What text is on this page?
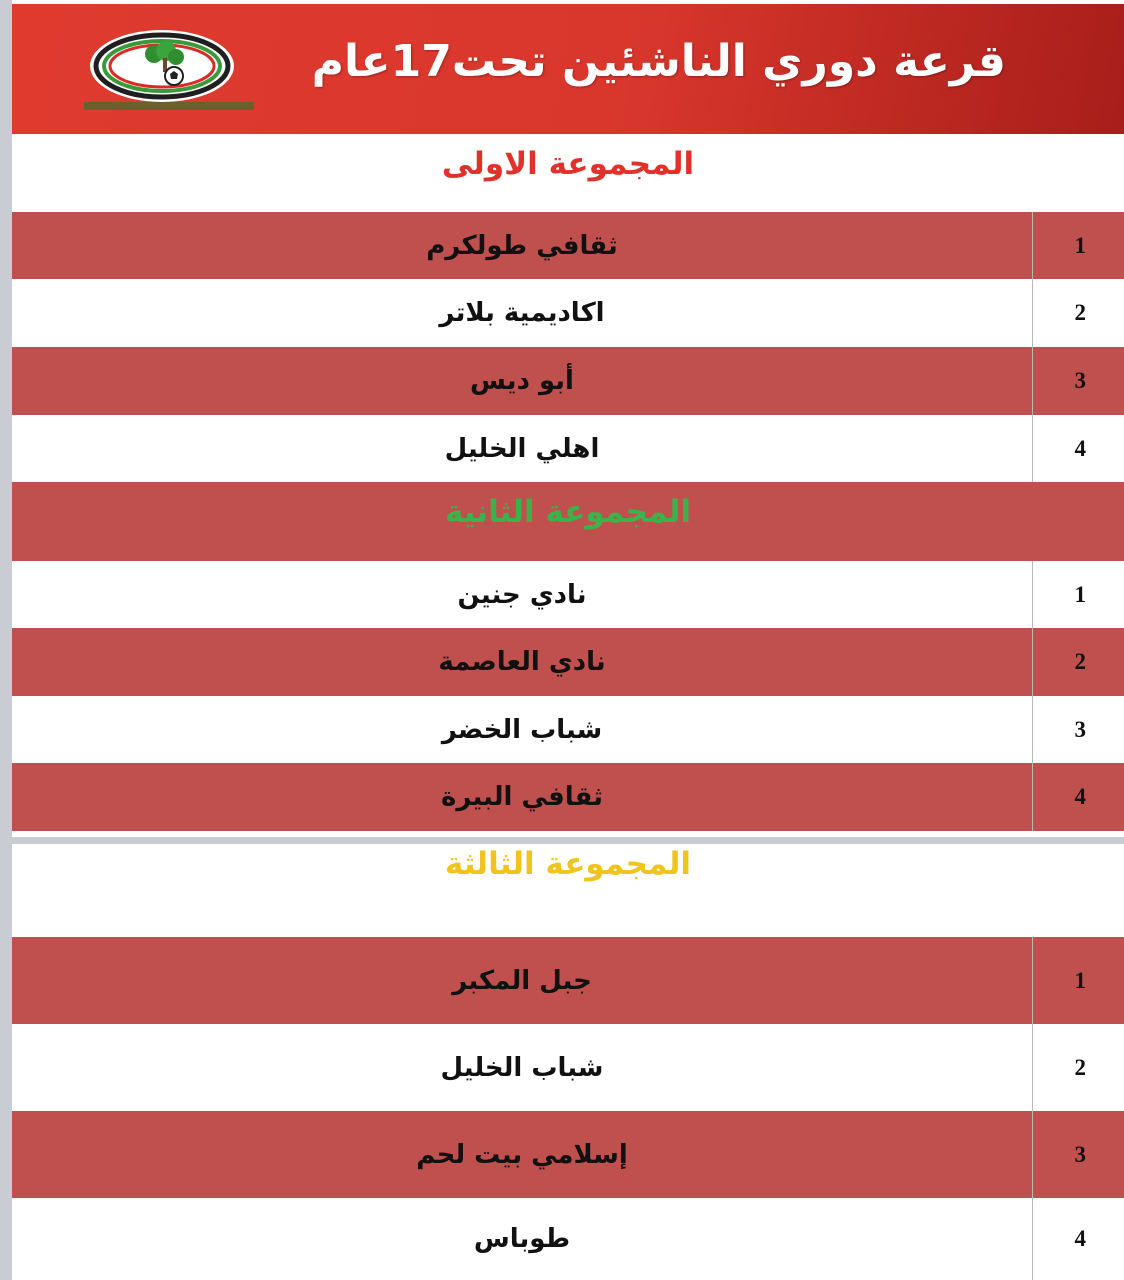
قرعة دوري الناشئين تحت17عام
المجموعة الاولى
ثقافي طولكرم	1
اكاديمية بلاتر	2
أبو ديس	3
اهلي الخليل	4
المجموعة الثانية
نادي جنين	1
نادي العاصمة	2
شباب الخضر	3
ثقافي البيرة	4
المجموعة الثالثة
جبل المكبر	1
شباب الخليل	2
إسلامي بيت لحم	3
طوباس	4
